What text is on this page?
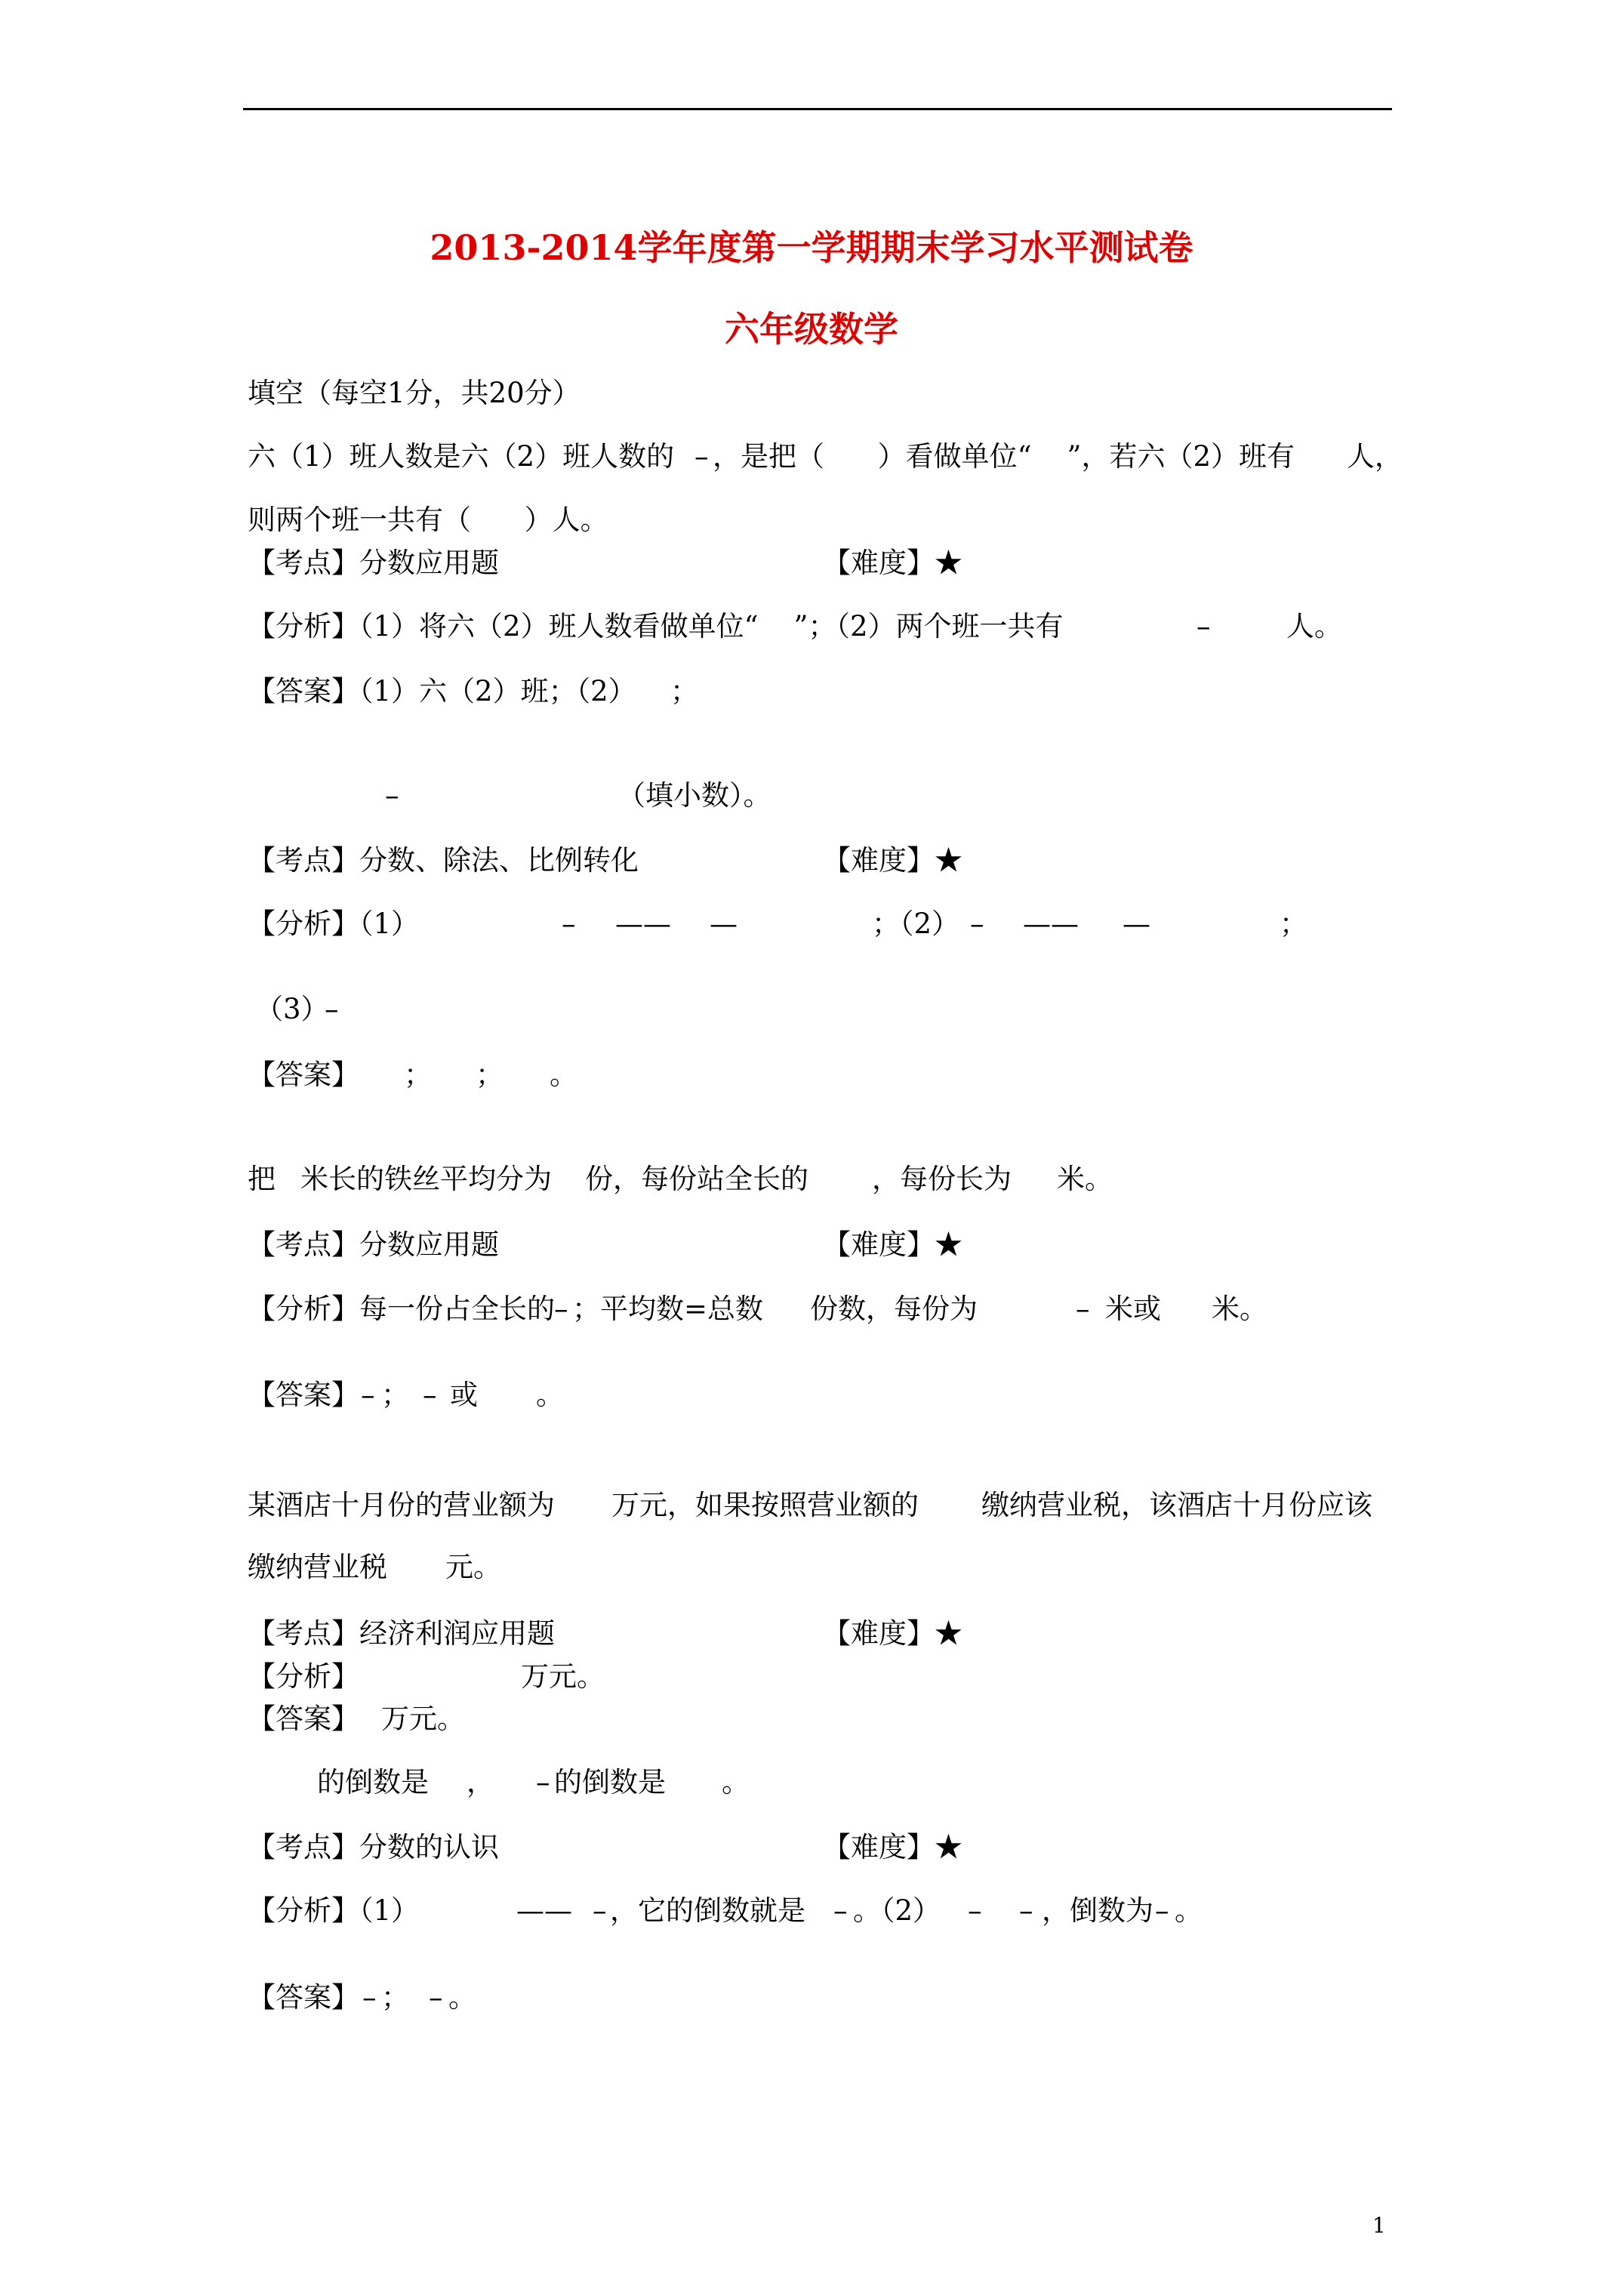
2013-2014学年度第一学期期末学习水平测试卷
六年级数学
填空（每空1分，共20分）
六（1）班人数是六（2）班人数的 – ，是把（      ）看做单位“    ”，若六（2）班有 人，
则两个班一共有（      ）人。
【考点】分数应用题	【难度】★
【分析】（1）将六（2）班人数看做单位“    ”；（2）两个班一共有	–	人。
【答案】（1）六（2）班；（2） ；
–	（填小数）。
【考点】分数、除法、比例转化	【难度】★
【分析】（1）	– —— —	；（2） – —— —	；
（3）
–
【答案】 ； ； 。
把 米长的铁丝平均分为 份，每份站全长的 ，每份长为 米。
【考点】分数应用题	【难度】★
【分析】每一份占全长的 – ；平均数=总数 份数，每份为	– 米或 米。
【答案】 – ； – 或 。
某酒店十月份的营业额为 万元，如果按照营业额的 缴纳营业税，该酒店十月份应该
缴纳营业税 元。
【考点】经济利润应用题	【难度】★
【分析】	万元。
【答案】 万元。
的倒数是 ， – 的倒数是 。
【考点】分数的认识	【难度】★
【分析】（1）	—— – ，它的倒数就是 – 。（2） – – ，倒数为 – 。
【答案】 – ； – 。
1
